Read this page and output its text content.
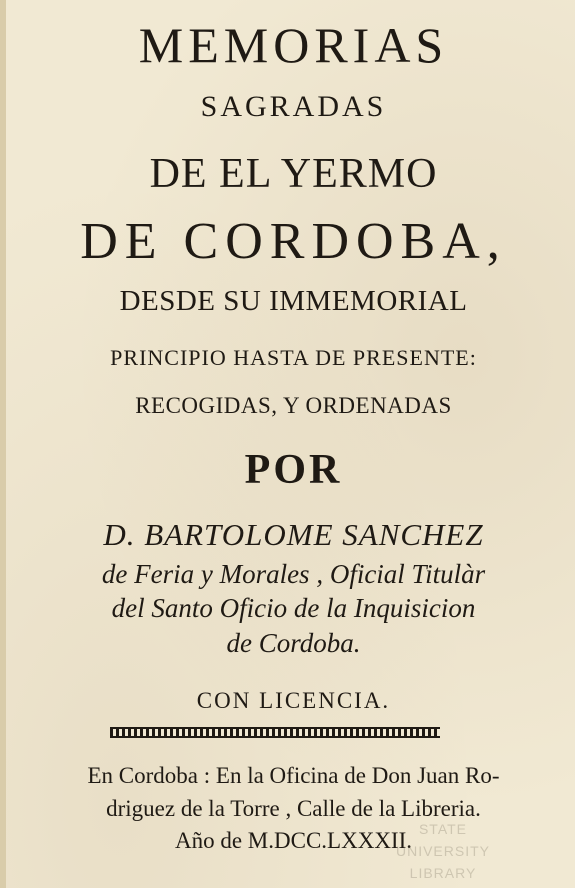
MEMORIAS
SAGRADAS
DE EL YERMO
DE CORDOBA,
DESDE SU IMMEMORIAL
PRINCIPIO HASTA DE PRESENTE:
RECOGIDAS, Y ORDENADAS
POR
D. BARTOLOME SANCHEZ
de Feria y Morales , Oficial Titulàr
del Santo Oficio de la Inquisicion
de Cordoba.
CON LICENCIA.
En Cordoba : En la Oficina de Don Juan Ro-
driguez de la Torre , Calle de la Libreria.
Año de M.DCC.LXXXII. STATE
UNIVERSITY LIBRARY
